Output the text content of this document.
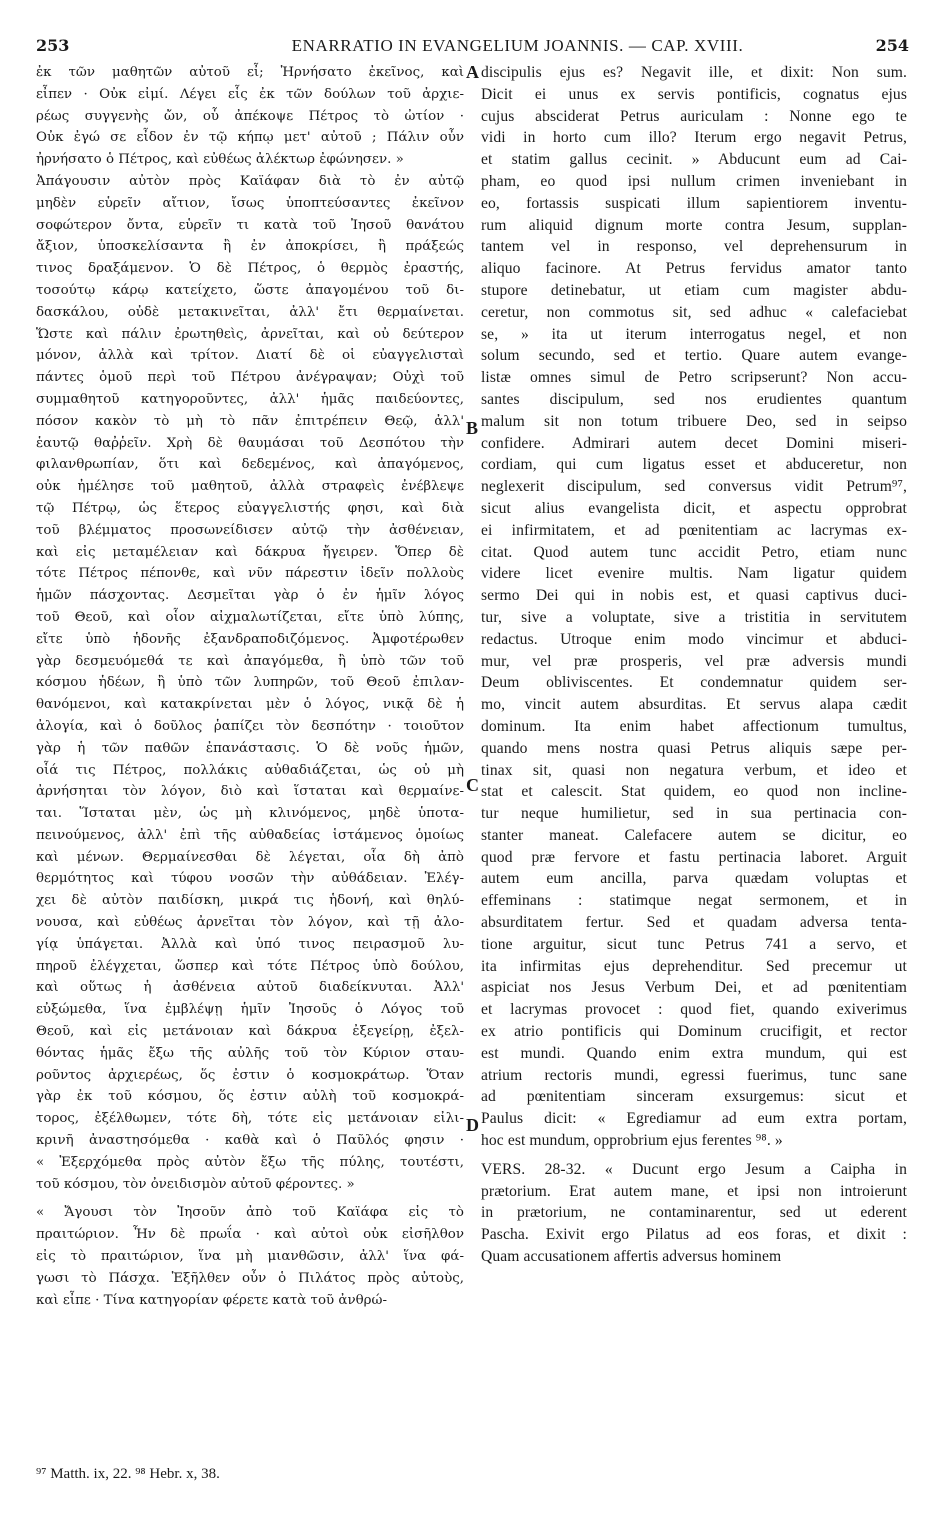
253	ENARRATIO IN EVANGELIUM JOANNIS. — CAP. XVIII.	254
ἐκ τῶν μαθητῶν αὐτοῦ εἶ; Ἠρνήσατο ἐκεῖνος, καὶ
εἶπεν · Οὐκ εἰμί. Λέγει εἷς ἐκ τῶν δούλων τοῦ ἀρχιε-
ρέως συγγενὴς ὤν, οὗ ἀπέκοψε Πέτρος τὸ ὠτίον ·
Οὐκ ἐγώ σε εἶδον ἐν τῷ κήπῳ μετ' αὐτοῦ ; Πάλιν οὖν
ἠρνήσατο ὁ Πέτρος, καὶ εὐθέως ἀλέκτωρ ἐφώνησεν. »
Ἀπάγουσιν αὐτὸν πρὸς Καϊάφαν διὰ τὸ ἐν αὐτῷ
μηδὲν εὑρεῖν αἴτιον, ἴσως ὑποπτεύσαντες ἐκεῖνον
σοφώτερον ὄντα, εὑρεῖν τι κατὰ τοῦ Ἰησοῦ θανάτου
ἄξιον, ὑποσκελίσαντα ἢ ἐν ἀποκρίσει, ἢ πράξεώς
τινος δραξάμενον. Ὁ δὲ Πέτρος, ὁ θερμὸς ἐραστής,
τοσούτῳ κάρῳ κατείχετο, ὥστε ἀπαγομένου τοῦ δι-
δασκάλου, οὐδὲ μετακινεῖται, ἀλλ' ἔτι θερμαίνεται.
Ὥστε καὶ πάλιν ἐρωτηθεὶς, ἀρνεῖται, καὶ οὐ δεύτερον
μόνον, ἀλλὰ καὶ τρίτον. Διατί δὲ οἱ εὐαγγελισταὶ
πάντες ὁμοῦ περὶ τοῦ Πέτρου ἀνέγραψαν; Οὐχὶ τοῦ
συμμαθητοῦ κατηγοροῦντες, ἀλλ' ἡμᾶς παιδεύοντες,
πόσον κακὸν τὸ μὴ τὸ πᾶν ἐπιτρέπειν Θεῷ, ἀλλ'
ἑαυτῷ θαῤῥεῖν. Χρὴ δὲ θαυμάσαι τοῦ Δεσπότου τὴν
φιλανθρωπίαν, ὅτι καὶ δεδεμένος, καὶ ἀπαγόμενος,
οὐκ ἠμέλησε τοῦ μαθητοῦ, ἀλλὰ στραφεὶς ἐνέβλεψε
τῷ Πέτρῳ, ὡς ἕτερος εὐαγγελιστής φησι, καὶ διὰ
τοῦ βλέμματος προσωνείδισεν αὐτῷ τὴν ἀσθένειαν,
καὶ εἰς μεταμέλειαν καὶ δάκρυα ἤγειρεν. Ὅπερ δὲ
τότε Πέτρος πέπονθε, καὶ νῦν πάρεστιν ἰδεῖν πολλοὺς
ἡμῶν πάσχοντας. Δεσμεῖται γὰρ ὁ ἐν ἡμῖν λόγος
τοῦ Θεοῦ, καὶ οἷον αἰχμαλωτίζεται, εἴτε ὑπὸ λύπης,
εἴτε ὑπὸ ἡδονῆς ἐξανδραποδιζόμενος. Ἀμφοτέρωθεν
γὰρ δεσμευόμεθά τε καὶ ἀπαγόμεθα, ἢ ὑπὸ τῶν τοῦ
κόσμου ἡδέων, ἢ ὑπὸ τῶν λυπηρῶν, τοῦ Θεοῦ ἐπιλαν-
θανόμενοι, καὶ κατακρίνεται μὲν ὁ λόγος, νικᾷ δὲ ἡ
ἀλογία, καὶ ὁ δοῦλος ῥαπίζει τὸν δεσπότην · τοιοῦτον
γὰρ ἡ τῶν παθῶν ἐπανάστασις. Ὁ δὲ νοῦς ἡμῶν,
οἷά τις Πέτρος, πολλάκις αὐθαδιάζεται, ὡς οὐ μὴ
ἀρνήσηται τὸν λόγον, διὸ καὶ ἵσταται καὶ θερμαίνε-
ται. Ἵσταται μὲν, ὡς μὴ κλινόμενος, μηδὲ ὑποτα-
πεινούμενος, ἀλλ' ἐπὶ τῆς αὐθαδείας ἱστάμενος ὁμοίως
καὶ μένων. Θερμαίνεσθαι δὲ λέγεται, οἷα δὴ ἀπὸ
θερμότητος καὶ τύφου νοσῶν τὴν αὐθάδειαν. Ἐλέγ-
χει δὲ αὐτὸν παιδίσκη, μικρά τις ἡδονή, καὶ θηλύ-
νουσα, καὶ εὐθέως ἀρνεῖται τὸν λόγον, καὶ τῇ ἀλο-
γίᾳ ὑπάγεται. Ἀλλὰ καὶ ὑπό τινος πειρασμοῦ λυ-
πηροῦ ἐλέγχεται, ὥσπερ καὶ τότε Πέτρος ὑπὸ δούλου,
καὶ οὕτως ἡ ἀσθένεια αὐτοῦ διαδείκνυται. Ἀλλ'
εὐξώμεθα, ἵνα ἐμβλέψῃ ἡμῖν Ἰησοῦς ὁ Λόγος τοῦ
Θεοῦ, καὶ εἰς μετάνοιαν καὶ δάκρυα ἐξεγείρῃ, ἐξελ-
θόντας ἡμᾶς ἔξω τῆς αὐλῆς τοῦ τὸν Κύριον σταυ-
ροῦντος ἀρχιερέως, ὅς ἐστιν ὁ κοσμοκράτωρ. Ὅταν
γὰρ ἐκ τοῦ κόσμου, ὅς ἐστιν αὐλὴ τοῦ κοσμοκρά-
τορος, ἐξέλθωμεν, τότε δὴ, τότε εἰς μετάνοιαν εἰλι-
κρινῆ ἀναστησόμεθα · καθὰ καὶ ὁ Παῦλός φησιν ·
« Ἐξερχόμεθα πρὸς αὐτὸν ἔξω τῆς πύλης, τουτέστι,
τοῦ κόσμου, τὸν ὀνειδισμὸν αὐτοῦ φέροντες. »
« Ἄγουσι τὸν Ἰησοῦν ἀπὸ τοῦ Καϊάφα εἰς τὸ
πραιτώριον. Ἦν δὲ πρωΐα · καὶ αὐτοὶ οὐκ εἰσῆλθον
εἰς τὸ πραιτώριον, ἵνα μὴ μιανθῶσιν, ἀλλ' ἵνα φά-
γωσι τὸ Πάσχα. Ἐξῆλθεν οὖν ὁ Πιλάτος πρὸς αὐτοὺς,
καὶ εἶπε · Τίνα κατηγορίαν φέρετε κατὰ τοῦ ἀνθρώ-
discipulis ejus es? Negavit ille, et dixit: Non sum.
Dicit ei unus ex servis pontificis, cognatus ejus
cujus absciderat Petrus auriculam : Nonne ego te
vidi in horto cum illo? Iterum ergo negavit Petrus,
et statim gallus cecinit. » Abducunt eum ad Cai-
pham, eo quod ipsi nullum crimen inveniebant in
eo, fortassis suspicati illum sapientiorem inventu-
rum aliquid dignum morte contra Jesum, supplan-
tantem vel in responso, vel deprehensurum in
aliquo facinore. At Petrus fervidus amator tanto
stupore detinebatur, ut etiam cum magister abdu-
ceretur, non commotus sit, sed adhuc « calefaciebat
se, » ita ut iterum interrogatus negel, et non
solum secundo, sed et tertio. Quare autem evange-
listæ omnes simul de Petro scripserunt? Non accu-
santes discipulum, sed nos erudientes quantum
malum sit non totum tribuere Deo, sed in seipso
confidere. Admirari autem decet Domini miseri-
cordiam, qui cum ligatus esset et abduceretur, non
neglexerit discipulum, sed conversus vidit Petrum⁹⁷,
sicut alius evangelista dicit, et aspectu opprobrat
ei infirmitatem, et ad pœnitentiam ac lacrymas ex-
citat. Quod autem tunc accidit Petro, etiam nunc
videre licet evenire multis. Nam ligatur quidem
sermo Dei qui in nobis est, et quasi captivus duci-
tur, sive a voluptate, sive a tristitia in servitutem
redactus. Utroque enim modo vincimur et abduci-
mur, vel præ prosperis, vel præ adversis mundi
Deum obliviscentes. Et condemnatur quidem ser-
mo, vincit autem absurditas. Et servus alapa cædit
dominum. Ita enim habet affectionum tumultus,
quando mens nostra quasi Petrus aliquis sæpe per-
tinax sit, quasi non negatura verbum, et ideo et
stat et calescit. Stat quidem, eo quod non incline-
tur neque humilietur, sed in sua pertinacia con-
stanter maneat. Calefacere autem se dicitur, eo
quod præ fervore et fastu pertinacia laboret. Arguit
autem eum ancilla, parva quædam voluptas et
effeminans : statimque negat sermonem, et in
absurditatem fertur. Sed et quadam adversa tenta-
tione arguitur, sicut tunc Petrus 741 a servo, et
ita infirmitas ejus deprehenditur. Sed precemur ut
aspiciat nos Jesus Verbum Dei, et ad pœnitentiam
et lacrymas provocet : quod fiet, quando exiverimus
ex atrio pontificis qui Dominum crucifigit, et rector
est mundi. Quando enim extra mundum, qui est
atrium rectoris mundi, egressi fuerimus, tunc sane
ad pœnitentiam sinceram exsurgemus: sicut et
Paulus dicit: « Egrediamur ad eum extra portam,
hoc est mundum, opprobrium ejus ferentes ⁹⁸. »
VERS. 28-32. « Ducunt ergo Jesum a Caipha in
prætorium. Erat autem mane, et ipsi non introierunt
in prætorium, ne contaminarentur, sed ut ederent
Pascha. Exivit ergo Pilatus ad eos foras, et dixit :
Quam accusationem affertis adversus hominem
A
B
C
D
⁹⁷ Matth. ix, 22. ⁹⁸ Hebr. x, 38.
